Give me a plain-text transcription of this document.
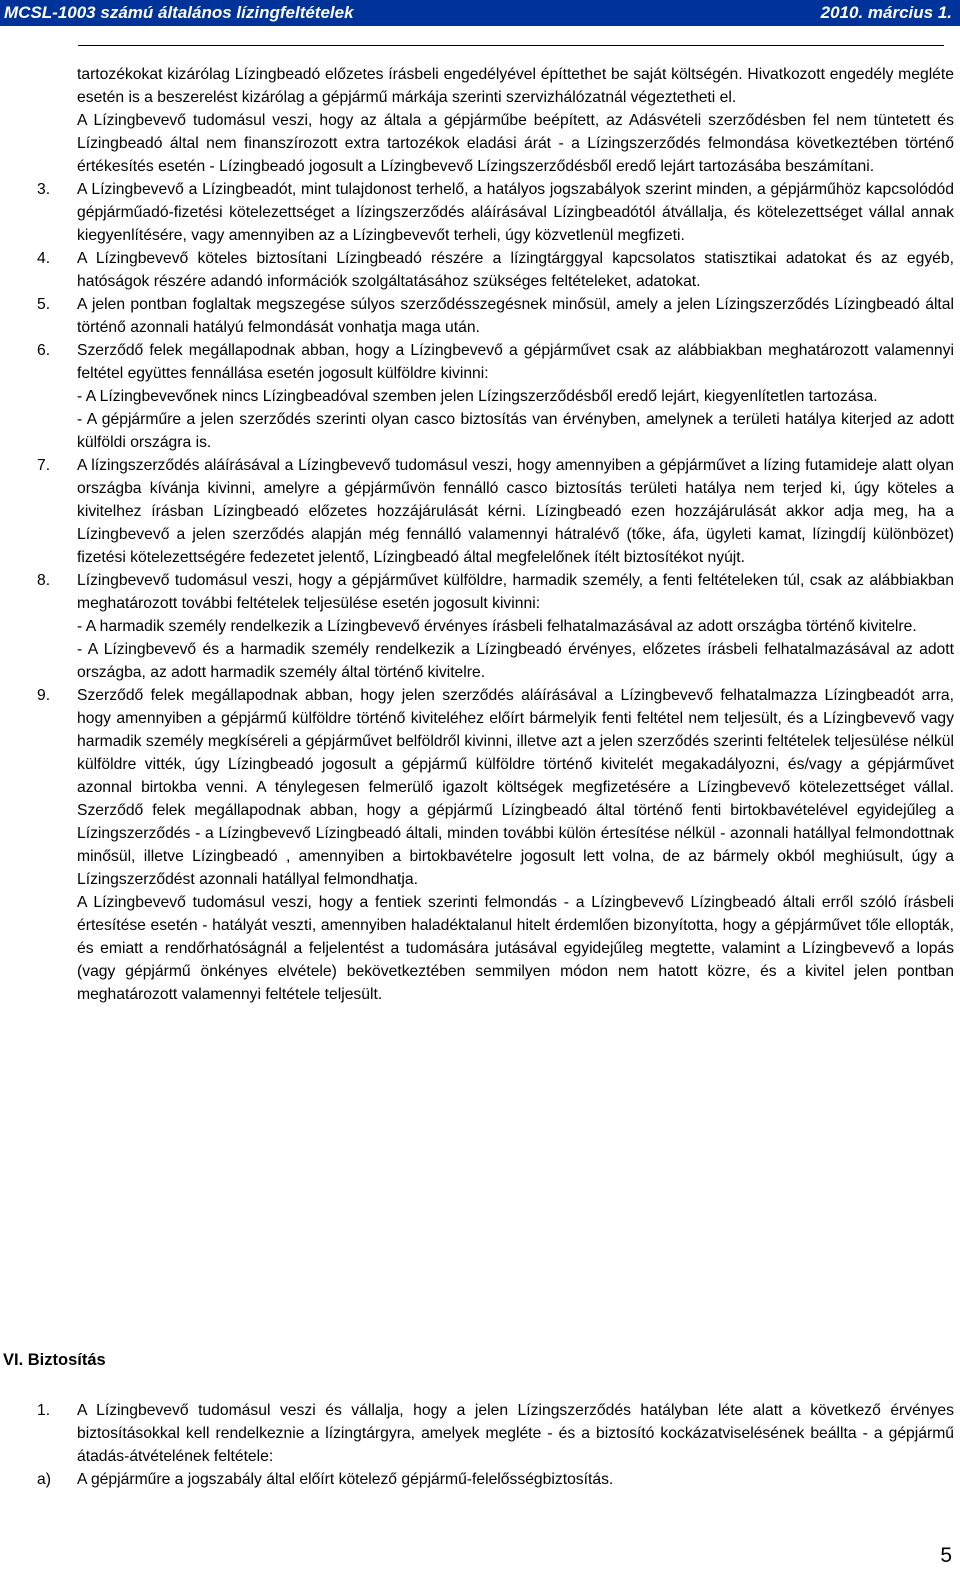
MCSL-1003 számú általános lízingfeltételek	2010. március 1.

tartozékokat kizárólag Lízingbeadó előzetes írásbeli engedélyével építtethet be saját költségén. Hivatkozott engedély megléte esetén is a beszerelést kizárólag a gépjármű márkája szerinti szervizhálózatnál végeztetheti el.

A Lízingbevevő tudomásul veszi, hogy az általa a gépjárműbe beépített, az Adásvételi szerződésben fel nem tüntetett és Lízingbeadó által nem finanszírozott extra tartozékok eladási árát - a Lízingszerződés felmondása következtében történő értékesítés esetén - Lízingbeadó jogosult a Lízingbevevő Lízingszerződésből eredő lejárt tartozásába beszámítani.

3. A Lízingbevevő a Lízingbeadót, mint tulajdonost terhelő, a hatályos jogszabályok szerint minden, a gépjárműhöz kapcsolódód gépjárműadó-fizetési kötelezettséget a lízingszerződés aláírásával Lízingbeadótól átvállalja, és kötelezettséget vállal annak kiegyenlítésére, vagy amennyiben az a Lízingbevevőt terheli, úgy közvetlenül megfizeti.
4. A Lízingbevevő köteles biztosítani Lízingbeadó részére a lízingtárggyal kapcsolatos statisztikai adatokat és az egyéb, hatóságok részére adandó információk szolgáltatásához szükséges feltételeket, adatokat.
5. A jelen pontban foglaltak megszegése súlyos szerződésszegésnek minősül, amely a jelen Lízingszerződés Lízingbeadó által történő azonnali hatályú felmondását vonhatja maga után.
6. Szerződő felek megállapodnak abban, hogy a Lízingbevevő a gépjárművet csak az alábbiakban meghatározott valamennyi feltétel együttes fennállása esetén jogosult külföldre kivinni:
- A Lízingbevevőnek nincs Lízingbeadóval szemben jelen Lízingszerződésből eredő lejárt, kiegyenlítetlen tartozása.
- A gépjárműre a jelen szerződés szerinti olyan casco biztosítás van érvényben, amelynek a területi hatálya kiterjed az adott külföldi országra is.
7. A lízingszerződés aláírásával a Lízingbevevő tudomásul veszi, hogy amennyiben a gépjárművet a lízing futamideje alatt olyan országba kívánja kivinni, amelyre a gépjárművön fennálló casco biztosítás területi hatálya nem terjed ki, úgy köteles a kivitelhez írásban Lízingbeadó előzetes hozzájárulását kérni. Lízingbeadó ezen hozzájárulását akkor adja meg, ha a Lízingbevevő a jelen szerződés alapján még fennálló valamennyi hátralévő (tőke, áfa, ügyleti kamat, lízingdíj különbözet) fizetési kötelezettségére fedezetet jelentő, Lízingbeadó által megfelelőnek ítélt biztosítékot nyújt.
8. Lízingbevevő tudomásul veszi, hogy a gépjárművet külföldre, harmadik személy, a fenti feltételeken túl, csak az alábbiakban meghatározott további feltételek teljesülése esetén jogosult kivinni:
- A harmadik személy rendelkezik a Lízingbevevő érvényes írásbeli felhatalmazásával az adott országba történő kivitelre.
- A Lízingbevevő és a harmadik személy rendelkezik a Lízingbeadó érvényes, előzetes írásbeli felhatalmazásával az adott országba, az adott harmadik személy által történő kivitelre.
9. Szerződő felek megállapodnak abban, hogy jelen szerződés aláírásával a Lízingbevevő felhatalmazza Lízingbeadót arra, hogy amennyiben a gépjármű külföldre történő kiviteléhez előírt bármelyik fenti feltétel nem teljesült, és a Lízingbevevő vagy harmadik személy megkíséreli a gépjárművet belföldről kivinni, illetve azt a jelen szerződés szerinti feltételek teljesülése nélkül külföldre vitték, úgy Lízingbeadó jogosult a gépjármű külföldre történő kivitelét megakadályozni, és/vagy a gépjárművet azonnal birtokba venni. A ténylegesen felmerülő igazolt költségek megfizetésére a Lízingbevevő kötelezettséget vállal. Szerződő felek megállapodnak abban, hogy a gépjármű Lízingbeadó által történő fenti birtokbavételével egyidejűleg a Lízingszerződés - a Lízingbevevő Lízingbeadó általi, minden további külön értesítése nélkül - azonnali hatállyal felmondottnak minősül, illetve Lízingbeadó , amennyiben a birtokbavételre jogosult lett volna, de az bármely okból meghiúsult, úgy a Lízingszerződést azonnali hatállyal felmondhatja.
A Lízingbevevő tudomásul veszi, hogy a fentiek szerinti felmondás - a Lízingbevevő Lízingbeadó általi erről szóló írásbeli értesítése esetén - hatályát veszti, amennyiben haladéktalanul hitelt érdemlően bizonyította, hogy a gépjárművet tőle ellopták, és emiatt a rendőrhatóságnál a feljelentést a tudomására jutásával egyidejűleg megtette, valamint a Lízingbevevő a lopás (vagy gépjármű önkényes elvétele) bekövetkeztében semmilyen módon nem hatott közre, és a kivitel jelen pontban meghatározott valamennyi feltétele teljesült.
VI. Biztosítás
1. A Lízingbevevő tudomásul veszi és vállalja, hogy a jelen Lízingszerződés hatályban léte alatt a következő érvényes biztosításokkal kell rendelkeznie a lízingtárgyra, amelyek megléte - és a biztosító kockázatviselésének beállta - a gépjármű átadás-átvételének feltétele:
a) A gépjárműre a jogszabály által előírt kötelező gépjármű-felelősségbiztosítás.
5
